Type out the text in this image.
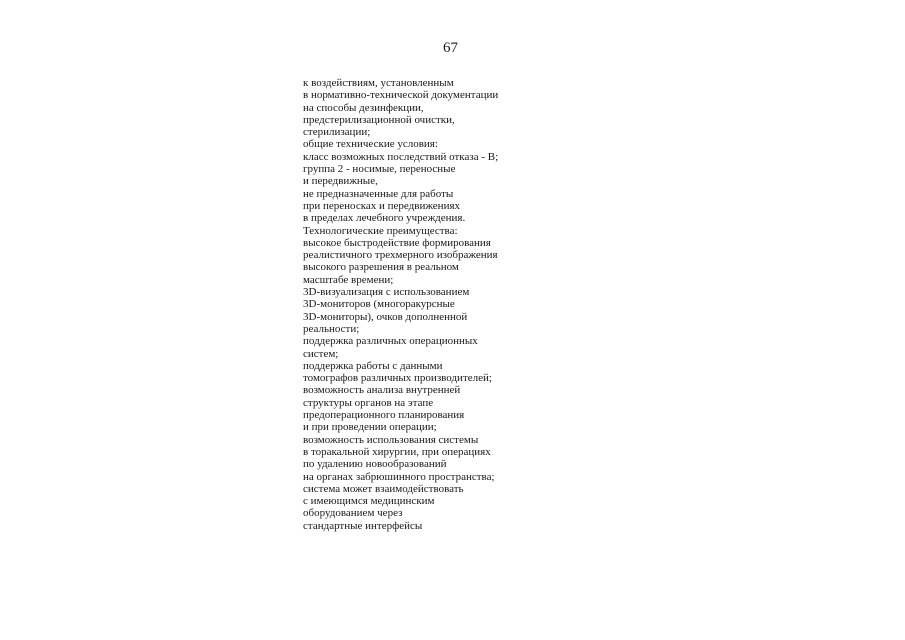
67
к воздействиям, установленным
в нормативно-технической документации
на способы дезинфекции,
предстерилизационной очистки,
стерилизации;
общие технические условия:
класс возможных последствий отказа - В;
группа 2 - носимые, переносные
и передвижные,
не предназначенные для работы
при переносках и передвижениях
в пределах лечебного учреждения.
Технологические преимущества:
высокое быстродействие формирования
реалистичного трехмерного изображения
высокого разрешения в реальном
масштабе времени;
3D-визуализация с использованием
3D-мониторов (многоракурсные
3D-мониторы), очков дополненной
реальности;
поддержка различных операционных
систем;
поддержка работы с данными
томографов различных производителей;
возможность анализа внутренней
структуры органов на этапе
предоперационного планирования
и при проведении операции;
возможность использования системы
в торакальной хирургии, при операциях
по удалению новообразований
на органах забрюшинного пространства;
система может взаимодействовать
с имеющимся медицинским
оборудованием через
стандартные интерфейсы
